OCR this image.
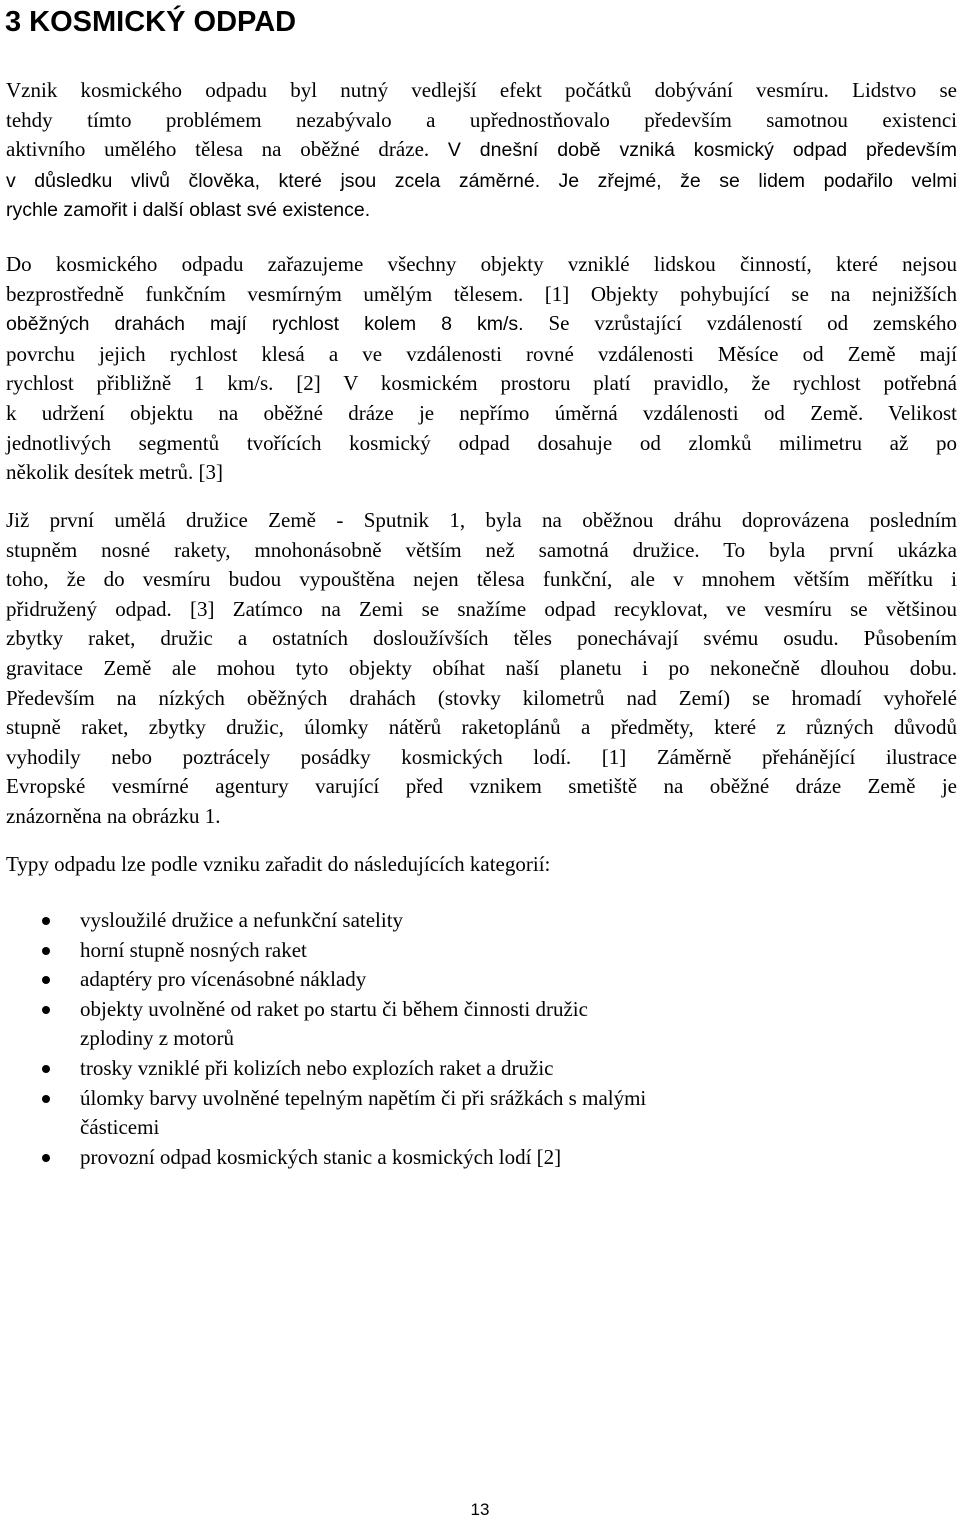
3 KOSMICKÝ ODPAD

Vznik kosmického odpadu byl nutný vedlejší efekt počátků dobývání vesmíru. Lidstvo se
tehdy tímto problémem nezabývalo a upřednostňovalo především samotnou existenci
aktivního umělého tělesa na oběžné dráze. V dnešní době vzniká kosmický odpad především
v důsledku vlivů člověka, které jsou zcela záměrné. Je zřejmé, že se lidem podařilo velmi
rychle zamořit i další oblast své existence.

Do kosmického odpadu zařazujeme všechny objekty vzniklé lidskou činností, které nejsou
bezprostředně funkčním vesmírným umělým tělesem. [1] Objekty pohybující se na nejnižších
oběžných drahách mají rychlost kolem 8 km/s. Se vzrůstající vzdáleností od zemského
povrchu jejich rychlost klesá a ve vzdálenosti rovné vzdálenosti Měsíce od Země mají
rychlost přibližně 1 km/s. [2] V kosmickém prostoru platí pravidlo, že rychlost potřebná
k udržení objektu na oběžné dráze je nepřímo úměrná vzdálenosti od Země. Velikost
jednotlivých segmentů tvořících kosmický odpad dosahuje od zlomků milimetru až po
několik desítek metrů. [3]

Již první umělá družice Země - Sputnik 1, byla na oběžnou dráhu doprovázena posledním
stupněm nosné rakety, mnohonásobně větším než samotná družice. To byla první ukázka
toho, že do vesmíru budou vypouštěna nejen tělesa funkční, ale v mnohem větším měřítku i
přidružený odpad. [3] Zatímco na Zemi se snažíme odpad recyklovat, ve vesmíru se většinou
zbytky raket, družic a ostatních dosloužívších těles ponechávají svému osudu. Působením
gravitace Země ale mohou tyto objekty obíhat naší planetu i po nekonečně dlouhou dobu.
Především na nízkých oběžných drahách (stovky kilometrů nad Zemí) se hromadí vyhořelé
stupně raket, zbytky družic, úlomky nátěrů raketoplánů a předměty, které z různých důvodů
vyhodily nebo poztrácely posádky kosmických lodí. [1] Záměrně přehánějící ilustrace
Evropské vesmírné agentury varující před vznikem smetiště na oběžné dráze Země je
znázorněna na obrázku 1.

Typy odpadu lze podle vzniku zařadit do následujících kategorií:

vysloužilé družice a nefunkční satelity
horní stupně nosných raket
adaptéry pro vícenásobné náklady
objekty uvolněné od raket po startu či během činnosti družic
zplodiny z motorů
trosky vzniklé při kolizích nebo explozích raket a družic
úlomky barvy uvolněné tepelným napětím či při srážkách s malými
částicemi
provozní odpad kosmických stanic a kosmických lodí [2]
13
